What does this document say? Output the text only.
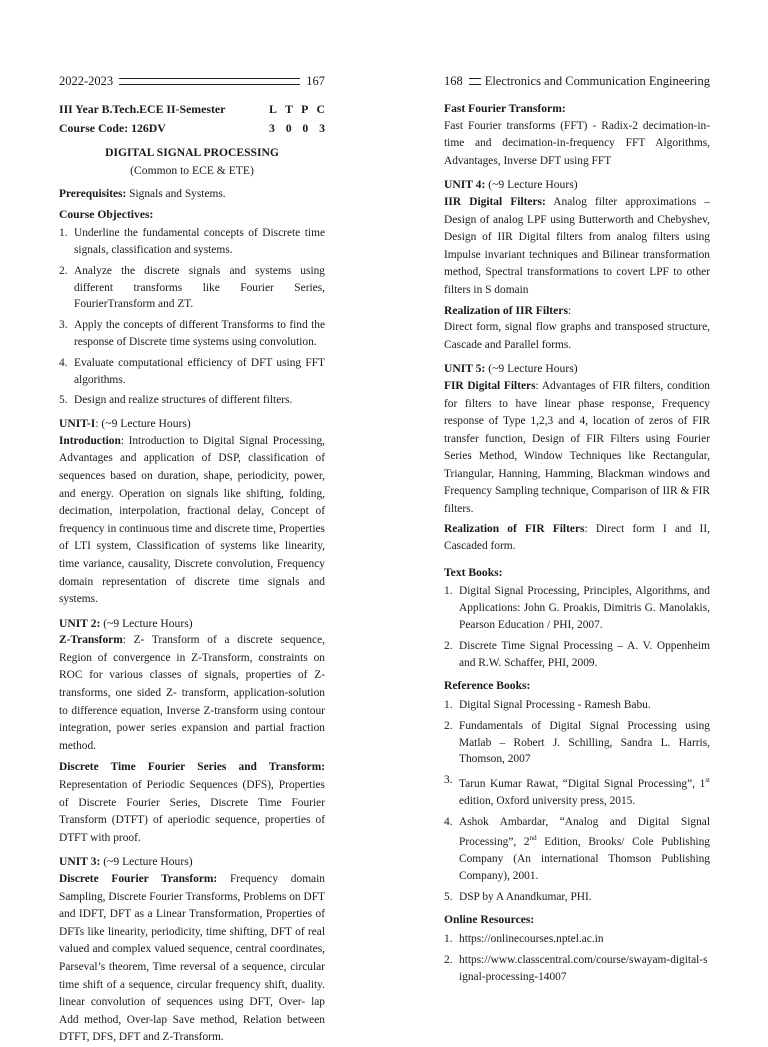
2022-2023	167
III Year B.Tech.ECE II-Semester	L T P C
Course Code: 126DV	3 0 0 3

DIGITAL SIGNAL PROCESSING

(Common to ECE & ETE)

Prerequisites: Signals and Systems.

Course Objectives:

1. Underline the fundamental concepts of Discrete time signals, classification and systems.
2. Analyze the discrete signals and systems using different transforms like Fourier Series, FourierTransform and ZT.
3. Apply the concepts of different Transforms to find the response of Discrete time systems using convolution.
4. Evaluate computational efficiency of DFT using FFT algorithms.
5. Design and realize structures of different filters.

UNIT-I: (~9 Lecture Hours)

Introduction: Introduction to Digital Signal Processing, Advantages and application of DSP, classification of sequences based on duration, shape, periodicity, power, and energy. Operation on signals like shifting, folding, decimation, interpolation, fractional delay, Concept of frequency in continuous time and discrete time, Properties of LTI system, Classification of systems like linearity, time variance, causality, Discrete convolution, Frequency domain representation of discrete time signals and systems.

UNIT 2: (~9 Lecture Hours)

Z-Transform: Z- Transform of a discrete sequence, Region of convergence in Z-Transform, constraints on ROC for various classes of signals, properties of Z-transforms, one sided Z- transform, application-solution to difference equation, Inverse Z-transform using contour integration, power series expansion and partial fraction method.

Discrete Time Fourier Series and Transform: Representation of Periodic Sequences (DFS), Properties of Discrete Fourier Series, Discrete Time Fourier Transform (DTFT) of aperiodic sequence, properties of DTFT with proof.

UNIT 3: (~9 Lecture Hours)

Discrete Fourier Transform: Frequency domain Sampling, Discrete Fourier Transforms, Problems on DFT and IDFT, DFT as a Linear Transformation, Properties of DFTs like linearity, periodicity, time shifting, DFT of real valued and complex valued sequence, central coordinates, Parseval’s theorem, Time reversal of a sequence, circular time shift of a sequence, circular frequency shift, duality. linear convolution of sequences using DFT, Over- lap Add method, Over-lap Save method, Relation between DTFT, DFS, DFT and Z-Transform.

168 Electronics and Communication Engineering

Fast Fourier Transform:

Fast Fourier transforms (FFT) - Radix-2 decimation-in-time and decimation-in-frequency FFT Algorithms, Advantages, Inverse DFT using FFT

UNIT 4: (~9 Lecture Hours)

IIR Digital Filters: Analog filter approximations – Design of analog LPF using Butterworth and Chebyshev, Design of IIR Digital filters from analog filters using Impulse invariant techniques and Bilinear transformation method, Spectral transformations to covert LPF to other filters in S domain

Realization of IIR Filters:

Direct form, signal flow graphs and transposed structure, Cascade and Parallel forms.

UNIT 5: (~9 Lecture Hours)

FIR Digital Filters: Advantages of FIR filters, condition for filters to have linear phase response, Frequency response of Type 1,2,3 and 4, location of zeros of FIR transfer function, Design of FIR Filters using Fourier Series Method, Window Techniques like Rectangular, Triangular, Hanning, Hamming, Blackman windows and Frequency Sampling technique, Comparison of IIR & FIR filters.

Realization of FIR Filters: Direct form I and II, Cascaded form.

Text Books:

1. Digital Signal Processing, Principles, Algorithms, and Applications: John G. Proakis, Dimitris G. Manolakis, Pearson Education / PHI, 2007.
2. Discrete Time Signal Processing – A. V. Oppenheim and R.W. Schaffer, PHI, 2009.

Reference Books:

1. Digital Signal Processing - Ramesh Babu.
2. Fundamentals of Digital Signal Processing using Matlab – Robert J. Schilling, Sandra L. Harris, Thomson, 2007
3. Tarun Kumar Rawat, “Digital Signal Processing”, 1st edition, Oxford university press, 2015.
4. Ashok Ambardar, “Analog and Digital Signal Processing”, 2nd Edition, Brooks/ Cole Publishing Company (An international Thomson Publishing Company), 2001.
5. DSP by A Anandkumar, PHI.

Online Resources:

1. https://onlinecourses.nptel.ac.in
2. https://www.classcentral.com/course/swayam-digital-signal-processing-14007
